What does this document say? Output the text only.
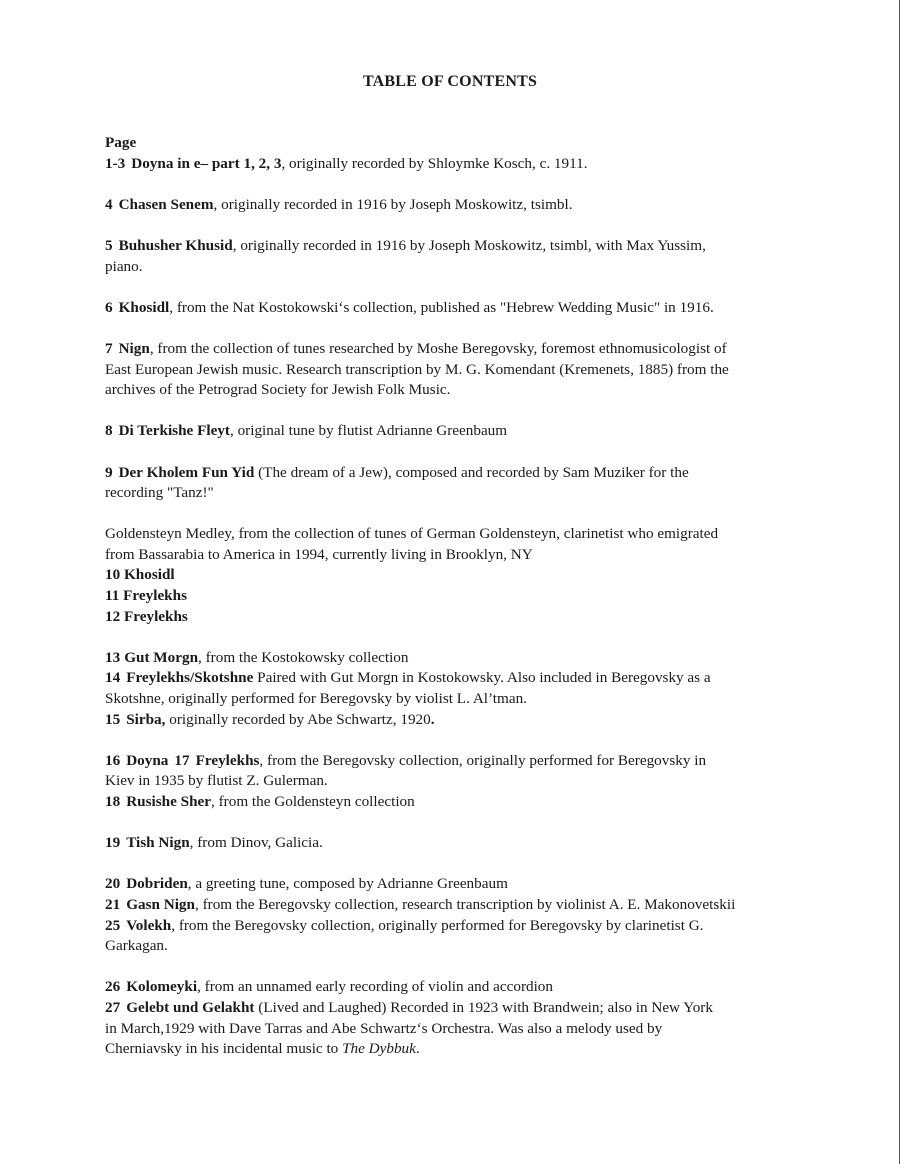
TABLE OF CONTENTS
Page
1-3 Doyna in e– part 1, 2, 3, originally recorded by Shloymke Kosch, c. 1911.
4 Chasen Senem, originally recorded in 1916 by Joseph Moskowitz, tsimbl.
5 Buhusher Khusid, originally recorded in 1916 by Joseph Moskowitz, tsimbl, with Max Yussim,
piano.
6 Khosidl, from the Nat Kostokowski‘s collection, published as "Hebrew Wedding Music" in 1916.
7 Nign, from the collection of tunes researched by Moshe Beregovsky, foremost ethnomusicologist of
East European Jewish music. Research transcription by M. G. Komendant (Kremenets, 1885) from the
archives of the Petrograd Society for Jewish Folk Music.
8 Di Terkishe Fleyt, original tune by flutist Adrianne Greenbaum
9 Der Kholem Fun Yid (The dream of a Jew), composed and recorded by Sam Muziker for the
recording "Tanz!"
Goldensteyn Medley, from the collection of tunes of German Goldensteyn, clarinetist who emigrated
from Bassarabia to America in 1994, currently living in Brooklyn, NY
10 Khosidl
11 Freylekhs
12 Freylekhs
13 Gut Morgn, from the Kostokowsky collection
14 Freylekhs/Skotshne Paired with Gut Morgn in Kostokowsky. Also included in Beregovsky as a
Skotshne, originally performed for Beregovsky by violist L. Al’tman.
15 Sirba, originally recorded by Abe Schwartz, 1920.
16 Doyna 17 Freylekhs, from the Beregovsky collection, originally performed for Beregovsky in
Kiev in 1935 by flutist Z. Gulerman.
18 Rusishe Sher, from the Goldensteyn collection
19 Tish Nign, from Dinov, Galicia.
20 Dobriden, a greeting tune, composed by Adrianne Greenbaum
21 Gasn Nign, from the Beregovsky collection, research transcription by violinist A. E. Makonovetskii
25 Volekh, from the Beregovsky collection, originally performed for Beregovsky by clarinetist G.
Garkagan.
26 Kolomeyki, from an unnamed early recording of violin and accordion
27 Gelebt und Gelakht (Lived and Laughed) Recorded in 1923 with Brandwein; also in New York
in March,1929 with Dave Tarras and Abe Schwartz‘s Orchestra. Was also a melody used by
Cherniavsky in his incidental music to The Dybbuk.
